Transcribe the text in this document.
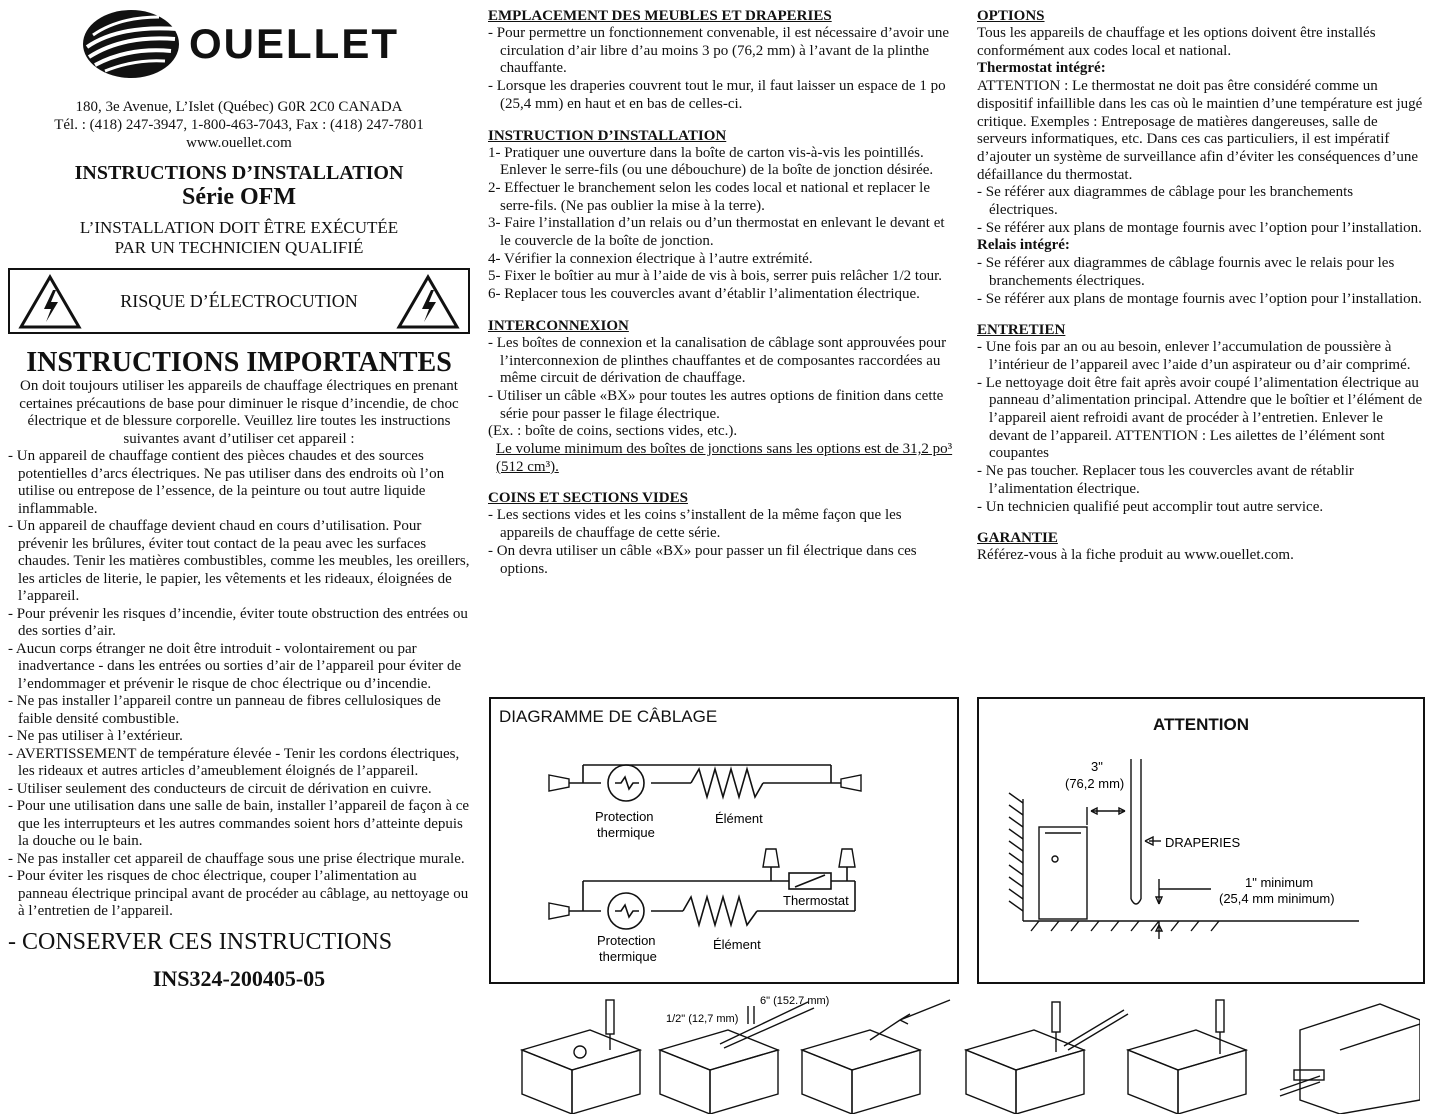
OUELLET
180, 3e Avenue, L’Islet (Québec) G0R 2C0 CANADA
Tél. : (418) 247-3947, 1-800-463-7043, Fax : (418) 247-7801
www.ouellet.com
INSTRUCTIONS D’INSTALLATION
Série OFM
L’INSTALLATION DOIT ÊTRE EXÉCUTÉE
PAR UN TECHNICIEN QUALIFIÉ
RISQUE D’ÉLECTROCUTION
INSTRUCTIONS IMPORTANTES
On doit toujours utiliser les appareils de chauffage électriques en prenant certaines précautions de base pour diminuer le risque d’incendie, de choc électrique et de blessure corporelle. Veuillez lire toutes les instructions suivantes avant d’utiliser cet appareil :
- Un appareil de chauffage contient des pièces chaudes et des sources potentielles d’arcs électriques. Ne pas utiliser dans des endroits où l’on utilise ou entrepose de l’essence, de la peinture ou tout autre liquide inflammable.
- Un appareil de chauffage devient chaud en cours d’utilisation. Pour prévenir les brûlures, éviter tout contact de la peau avec les surfaces chaudes. Tenir les matières combustibles, comme les meubles, les oreillers, les articles de literie, le papier, les vêtements et les rideaux, éloignées de l’appareil.
- Pour prévenir les risques d’incendie, éviter toute obstruction des entrées ou des sorties d’air.
- Aucun corps étranger ne doit être introduit - volontairement ou par inadvertance - dans les entrées ou sorties d’air de l’appareil pour éviter de l’endommager et prévenir le risque de choc électrique ou d’incendie.
- Ne pas installer l’appareil contre un panneau de fibres cellulosiques de faible densité combustible.
- Ne pas utiliser à l’extérieur.
- AVERTISSEMENT de température élevée - Tenir les cordons électriques, les rideaux et autres articles d’ameublement éloignés de l’appareil.
- Utiliser seulement des conducteurs de circuit de dérivation en cuivre.
- Pour une utilisation dans une salle de bain, installer l’appareil de façon à ce que les interrupteurs et les autres commandes soient hors d’atteinte depuis la douche ou le bain.
- Ne pas installer cet appareil de chauffage sous une prise électrique murale.
- Pour éviter les risques de choc électrique, couper l’alimentation au panneau électrique principal avant de procéder au câblage, au nettoyage ou à l’entretien de l’appareil.
- CONSERVER CES INSTRUCTIONS
INS324-200405-05
EMPLACEMENT DES MEUBLES ET DRAPERIES
- Pour permettre un fonctionnement convenable, il est nécessaire d’avoir une circulation d’air libre d’au moins 3 po (76,2 mm) à l’avant de la plinthe chauffante.
- Lorsque les draperies couvrent tout le mur, il faut laisser un espace de 1 po (25,4 mm) en haut et en bas de celles-ci.
INSTRUCTION D’INSTALLATION
1- Pratiquer une ouverture dans la boîte de carton vis-à-vis les pointillés. Enlever le serre-fils (ou une débouchure) de la boîte de jonction désirée.
2- Effectuer le branchement selon les codes local et national et replacer le serre-fils. (Ne pas oublier la mise à la terre).
3- Faire l’installation d’un relais ou d’un thermostat en enlevant le devant et le couvercle de la boîte de jonction.
4- Vérifier la connexion électrique à l’autre extrémité.
5- Fixer le boîtier au mur à l’aide de vis à bois, serrer puis relâcher 1/2 tour.
6- Replacer tous les couvercles avant d’établir l’alimentation électrique.
INTERCONNEXION
- Les boîtes de connexion et la canalisation de câblage sont approuvées pour l’interconnexion de plinthes chauffantes et de composantes raccordées au même circuit de dérivation de chauffage.
- Utiliser un câble «BX» pour toutes les autres options de finition dans cette série pour passer le filage électrique.
(Ex. : boîte de coins, sections vides, etc.).
Le volume minimum des boîtes de jonctions sans les options est de 31,2 po³ (512 cm³).
COINS ET SECTIONS VIDES
- Les sections vides et les coins s’installent de la même façon que les appareils de chauffage de cette série.
- On devra utiliser un câble «BX» pour passer un fil électrique dans ces options.
OPTIONS
Tous les appareils de chauffage et les options doivent être installés conformément aux codes local et national.
Thermostat intégré:
ATTENTION : Le thermostat ne doit pas être considéré comme un dispositif infaillible dans les cas où le maintien d’une température est jugé critique. Exemples : Entreposage de matières dangereuses, salle de serveurs informatiques, etc. Dans ces cas particuliers, il est impératif d’ajouter un système de surveillance afin d’éviter les conséquences d’une défaillance du thermostat.
- Se référer aux diagrammes de câblage pour les branchements électriques.
- Se référer aux plans de montage fournis avec l’option pour l’installation.
Relais intégré:
- Se référer aux diagrammes de câblage fournis avec le relais pour les branchements électriques.
- Se référer aux plans de montage fournis avec l’option pour l’installation.
ENTRETIEN
- Une fois par an ou au besoin, enlever l’accumulation de poussière à l’intérieur de l’appareil avec l’aide d’un aspirateur ou d’air comprimé.
- Le nettoyage doit être fait après avoir coupé l’alimentation électrique au panneau d’alimentation principal. Attendre que le boîtier et l’élément de l’appareil aient refroidi avant de procéder à l’entretien. Enlever le devant de l’appareil. ATTENTION : Les ailettes de l’élément sont coupantes
- Ne pas toucher. Replacer tous les couvercles avant de rétablir l’alimentation électrique.
- Un technicien qualifié peut accomplir tout autre service.
GARANTIE
Référez-vous à la fiche produit au www.ouellet.com.
DIAGRAMME DE CÂBLAGE
Protection
thermique
Élément
Thermostat
Protection
thermique
Élément
ATTENTION
3"
(76,2 mm)
DRAPERIES
1" minimum
(25,4 mm minimum)
1/2" (12,7 mm)
6" (152.7 mm)
